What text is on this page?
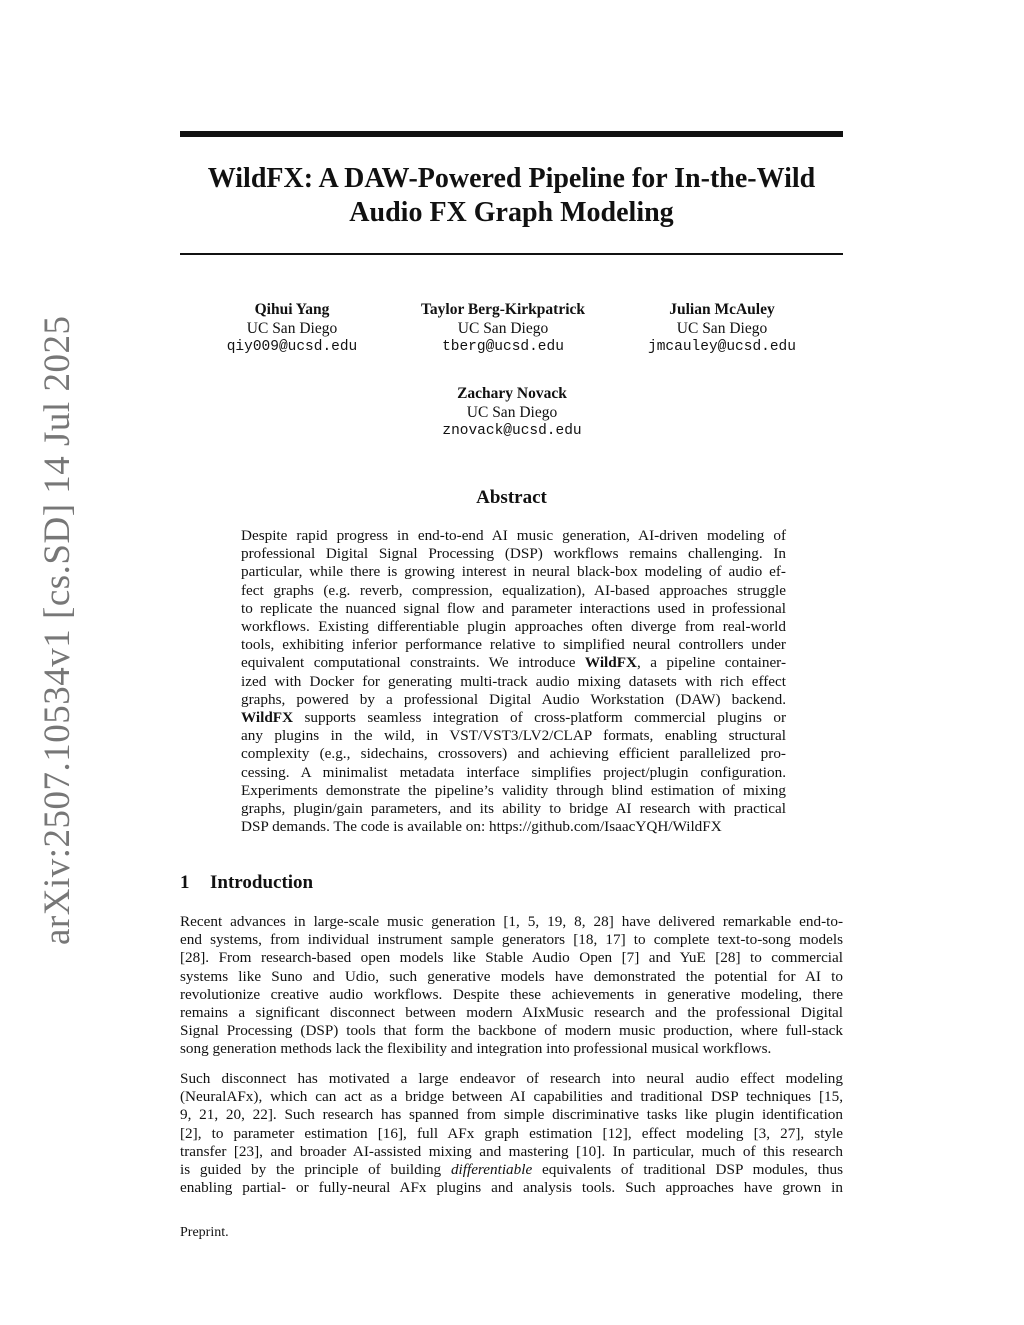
arXiv:2507.10534v1 [cs.SD] 14 Jul 2025
WildFX: A DAW-Powered Pipeline for In-the-Wild
Audio FX Graph Modeling
Qihui Yang
UC San Diego
qiy009@ucsd.edu
Taylor Berg-Kirkpatrick
UC San Diego
tberg@ucsd.edu
Julian McAuley
UC San Diego
jmcauley@ucsd.edu
Zachary Novack
UC San Diego
znovack@ucsd.edu
Abstract
Despite rapid progress in end-to-end AI music generation, AI-driven modeling of
professional Digital Signal Processing (DSP) workflows remains challenging. In
particular, while there is growing interest in neural black-box modeling of audio ef-
fect graphs (e.g. reverb, compression, equalization), AI-based approaches struggle
to replicate the nuanced signal flow and parameter interactions used in professional
workflows. Existing differentiable plugin approaches often diverge from real-world
tools, exhibiting inferior performance relative to simplified neural controllers under
equivalent computational constraints. We introduce WildFX, a pipeline container-
ized with Docker for generating multi-track audio mixing datasets with rich effect
graphs, powered by a professional Digital Audio Workstation (DAW) backend.
WildFX supports seamless integration of cross-platform commercial plugins or
any plugins in the wild, in VST/VST3/LV2/CLAP formats, enabling structural
complexity (e.g., sidechains, crossovers) and achieving efficient parallelized pro-
cessing. A minimalist metadata interface simplifies project/plugin configuration.
Experiments demonstrate the pipeline’s validity through blind estimation of mixing
graphs, plugin/gain parameters, and its ability to bridge AI research with practical
DSP demands. The code is available on: https://github.com/IsaacYQH/WildFX
1 Introduction
Recent advances in large-scale music generation [1, 5, 19, 8, 28] have delivered remarkable end-to-
end systems, from individual instrument sample generators [18, 17] to complete text-to-song models
[28]. From research-based open models like Stable Audio Open [7] and YuE [28] to commercial
systems like Suno and Udio, such generative models have demonstrated the potential for AI to
revolutionize creative audio workflows. Despite these achievements in generative modeling, there
remains a significant disconnect between modern AIxMusic research and the professional Digital
Signal Processing (DSP) tools that form the backbone of modern music production, where full-stack
song generation methods lack the flexibility and integration into professional musical workflows.
Such disconnect has motivated a large endeavor of research into neural audio effect modeling
(NeuralAFx), which can act as a bridge between AI capabilities and traditional DSP techniques [15,
9, 21, 20, 22]. Such research has spanned from simple discriminative tasks like plugin identification
[2], to parameter estimation [16], full AFx graph estimation [12], effect modeling [3, 27], style
transfer [23], and broader AI-assisted mixing and mastering [10]. In particular, much of this research
is guided by the principle of building differentiable equivalents of traditional DSP modules, thus
enabling partial- or fully-neural AFx plugins and analysis tools. Such approaches have grown in
Preprint.
